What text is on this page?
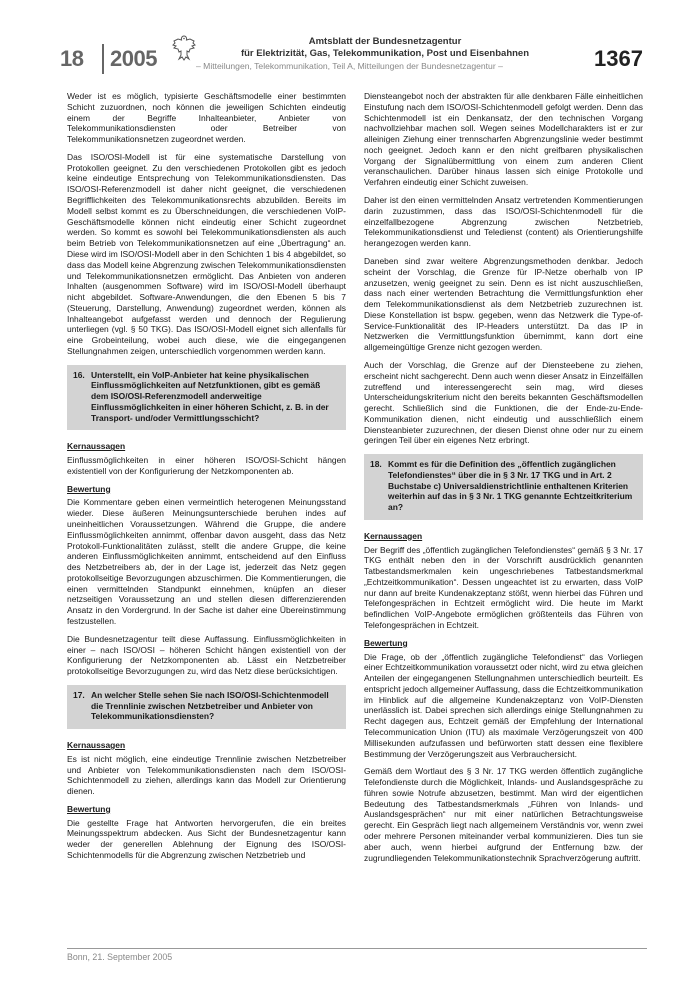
18 2005
Amtsblatt der Bundesnetzagentur
für Elektrizität, Gas, Telekommunikation, Post und Eisenbahnen
– Mitteilungen, Telekommunikation, Teil A, Mitteilungen der Bundesnetzagentur –	1367

Weder ist es möglich, typisierte Geschäftsmodelle einer bestimmten Schicht zuzuordnen, noch können die jeweiligen Schichten eindeutig einem der Begriffe Inhalteanbieter, Anbieter von Telekommunikationsdiensten oder Betreiber von Telekommunikationsnetzen zugeordnet werden.

Das ISO/OSI-Modell ist für eine systematische Darstellung von Protokollen geeignet. Zu den verschiedenen Protokollen gibt es jedoch keine eindeutige Entsprechung von Telekommunikationsdiensten. Das ISO/OSI-Referenzmodell ist daher nicht geeignet, die verschiedenen Begrifflichkeiten des Telekommunikationsrechts abzubilden. Bereits im Modell selbst kommt es zu Überschneidungen, die verschiedenen VoIP-Geschäftsmodelle können nicht eindeutig einer Schicht zugeordnet werden. So kommt es sowohl bei Telekommunikationsdiensten als auch beim Betrieb von Telekommunikationsnetzen auf eine „Übertragung“ an. Diese wird im ISO/OSI-Modell aber in den Schichten 1 bis 4 abgebildet, so dass das Modell keine Abgrenzung zwischen Telekommunikationsdiensten und Telekommunikationsnetzen ermöglicht. Das Anbieten von anderen Inhalten (ausgenommen Software) wird im ISO/OSI-Modell überhaupt nicht abgebildet. Software-Anwendungen, die den Ebenen 5 bis 7 (Steuerung, Darstellung, Anwendung) zugeordnet werden, können als Inhalteangebot aufgefasst werden und dennoch der Regulierung unterliegen (vgl. § 50 TKG). Das ISO/OSI-Modell eignet sich allenfalls für eine Grobeinteilung, wobei auch diese, wie die eingegangenen Stellungnahmen zeigen, unterschiedlich vorgenommen werden kann.

16. Unterstellt, ein VoIP-Anbieter hat keine physikalischen Einflussmöglichkeiten auf Netzfunktionen, gibt es gemäß dem ISO/OSI-Referenzmodell anderweitige Einflussmöglichkeiten in einer höheren Schicht, z. B. in der Transport- und/oder Vermittlungsschicht?
Kernaussagen

Einflussmöglichkeiten in einer höheren ISO/OSI-Schicht hängen existentiell von der Konfigurierung der Netzkomponenten ab.

Bewertung

Die Kommentare geben einen vermeintlich heterogenen Meinungsstand wieder. Diese äußeren Meinungsunterschiede beruhen indes auf uneinheitlichen Voraussetzungen. Während die Gruppe, die andere Einflussmöglichkeiten annimmt, offenbar davon ausgeht, dass das Netz Protokoll-Funktionalitäten zulässt, stellt die andere Gruppe, die keine anderen Einflussmöglichkeiten annimmt, entscheidend auf den Einfluss des Netzbetreibers ab, der in der Lage ist, jederzeit das Netz gegen protokollseitige Bevorzugungen abzuschirmen. Die Kommentierungen, die einen vermittelnden Standpunkt einnehmen, knüpfen an dieser netzseitigen Voraussetzung an und stellen diesen differenzierenden Ansatz in den Vordergrund. In der Sache ist daher eine Übereinstimmung festzustellen.

Die Bundesnetzagentur teilt diese Auffassung. Einflussmöglichkeiten in einer – nach ISO/OSI – höheren Schicht hängen existentiell von der Konfigurierung der Netzkomponenten ab. Lässt ein Netzbetreiber protokollseitige Bevorzugungen zu, wird das Netz diese berücksichtigen.

17. An welcher Stelle sehen Sie nach ISO/OSI-Schichtenmodell die Trennlinie zwischen Netzbetreiber und Anbieter von Telekommunikationsdiensten?
Kernaussagen

Es ist nicht möglich, eine eindeutige Trennlinie zwischen Netzbetreiber und Anbieter von Telekommunikationsdiensten nach dem ISO/OSI-Schichtenmodell zu ziehen, allerdings kann das Modell zur Orientierung dienen.

Bewertung

Die gestellte Frage hat Antworten hervorgerufen, die ein breites Meinungsspektrum abdecken. Aus Sicht der Bundesnetzagentur kann weder der generellen Ablehnung der Eignung des ISO/OSI-Schichtenmodells für die Abgrenzung zwischen Netzbetrieb und

Diensteangebot noch der abstrakten für alle denkbaren Fälle einheitlichen Einstufung nach dem ISO/OSI-Schichtenmodell gefolgt werden. Denn das Schichtenmodell ist ein Denkansatz, der den technischen Vorgang nachvollziehbar machen soll. Wegen seines Modellcharakters ist er zur alleinigen Ziehung einer trennscharfen Abgrenzungslinie weder bestimmt noch geeignet. Jedoch kann er den nicht greifbaren physikalischen Vorgang der Signalübermittlung von einem zum anderen Client veranschaulichen. Darüber hinaus lassen sich einige Protokolle und Verfahren eindeutig einer Schicht zuweisen.

Daher ist den einen vermittelnden Ansatz vertretenden Kommentierungen darin zuzustimmen, dass das ISO/OSI-Schichtenmodell für die einzelfallbezogene Abgrenzung zwischen Netzbetrieb, Telekommunikationsdienst und Teledienst (content) als Orientierungshilfe herangezogen werden kann.

Daneben sind zwar weitere Abgrenzungsmethoden denkbar. Jedoch scheint der Vorschlag, die Grenze für IP-Netze oberhalb von IP anzusetzen, wenig geeignet zu sein. Denn es ist nicht auszuschließen, dass nach einer wertenden Betrachtung die Vermittlungsfunktion eher dem Telekommunikationsdienst als dem Netzbetrieb zuzurechnen ist. Diese Konstellation ist bspw. gegeben, wenn das Netzwerk die Type-of-Service-Funktionalität des IP-Headers unterstützt. Da das IP in Netzwerken die Vermittlungsfunktion übernimmt, kann dort eine allgemeingültige Grenze nicht gezogen werden.

Auch der Vorschlag, die Grenze auf der Diensteebene zu ziehen, erscheint nicht sachgerecht. Denn auch wenn dieser Ansatz in Einzelfällen zutreffend und interessengerecht sein mag, wird dieses Unterscheidungskriterium nicht den bereits bekannten Geschäftsmodellen gerecht. Schließlich sind die Funktionen, die der Ende-zu-Ende-Kommunikation dienen, nicht eindeutig und ausschließlich einem Diensteanbieter zuzurechnen, der diesen Dienst ohne oder nur zu einem geringen Teil über ein eigenes Netz erbringt.

18. Kommt es für die Definition des „öffentlich zugänglichen Telefondienstes“ über die in § 3 Nr. 17 TKG und in Art. 2 Buchstabe c) Universaldienstrichtlinie enthaltenen Kriterien weiterhin auf das in § 3 Nr. 1 TKG genannte Echtzeitkriterium an?
Kernaussagen

Der Begriff des „öffentlich zugänglichen Telefondienstes“ gemäß § 3 Nr. 17 TKG enthält neben den in der Vorschrift ausdrücklich genannten Tatbestandsmerkmalen kein ungeschriebenes Tatbestandsmerkmal „Echtzeitkommunikation“. Dessen ungeachtet ist zu erwarten, dass VoIP nur dann auf breite Kundenakzeptanz stößt, wenn hierbei das Führen und Telefongesprächen in Echtzeit ermöglicht wird. Die heute im Markt befindlichen VoIP-Angebote ermöglichen größtenteils das Führen von Telefongesprächen in Echtzeit.

Bewertung

Die Frage, ob der „öffentlich zugängliche Telefondienst“ das Vorliegen einer Echtzeitkommunikation voraussetzt oder nicht, wird zu etwa gleichen Anteilen der eingegangenen Stellungnahmen unterschiedlich beurteilt. Es entspricht jedoch allgemeiner Auffassung, dass die Echtzeitkommunikation im Hinblick auf die allgemeine Kundenakzeptanz von VoIP-Diensten unerlässlich ist. Dabei sprechen sich allerdings einige Stellungnahmen zu Recht dagegen aus, Echtzeit gemäß der Empfehlung der International Telecommunication Union (ITU) als maximale Verzögerungszeit von 400 Millisekunden aufzufassen und befürworten statt dessen eine flexiblere Bestimmung der Verzögerungszeit aus Verbrauchersicht.

Gemäß dem Wortlaut des § 3 Nr. 17 TKG werden öffentlich zugängliche Telefondienste durch die Möglichkeit, Inlands- und Auslandsgespräche zu führen sowie Notrufe abzusetzen, bestimmt. Man wird der eigentlichen Bedeutung des Tatbestandsmerkmals „Führen von Inlands- und Auslandsgesprächen“ nur mit einer natürlichen Betrachtungsweise gerecht. Ein Gespräch liegt nach allgemeinem Verständnis vor, wenn zwei oder mehrere Personen miteinander verbal kommunizieren. Dies tun sie aber auch, wenn hierbei aufgrund der Entfernung bzw. der zugrundliegenden Telekommunikationstechnik Sprachverzögerung auftritt.

Bonn, 21. September 2005
